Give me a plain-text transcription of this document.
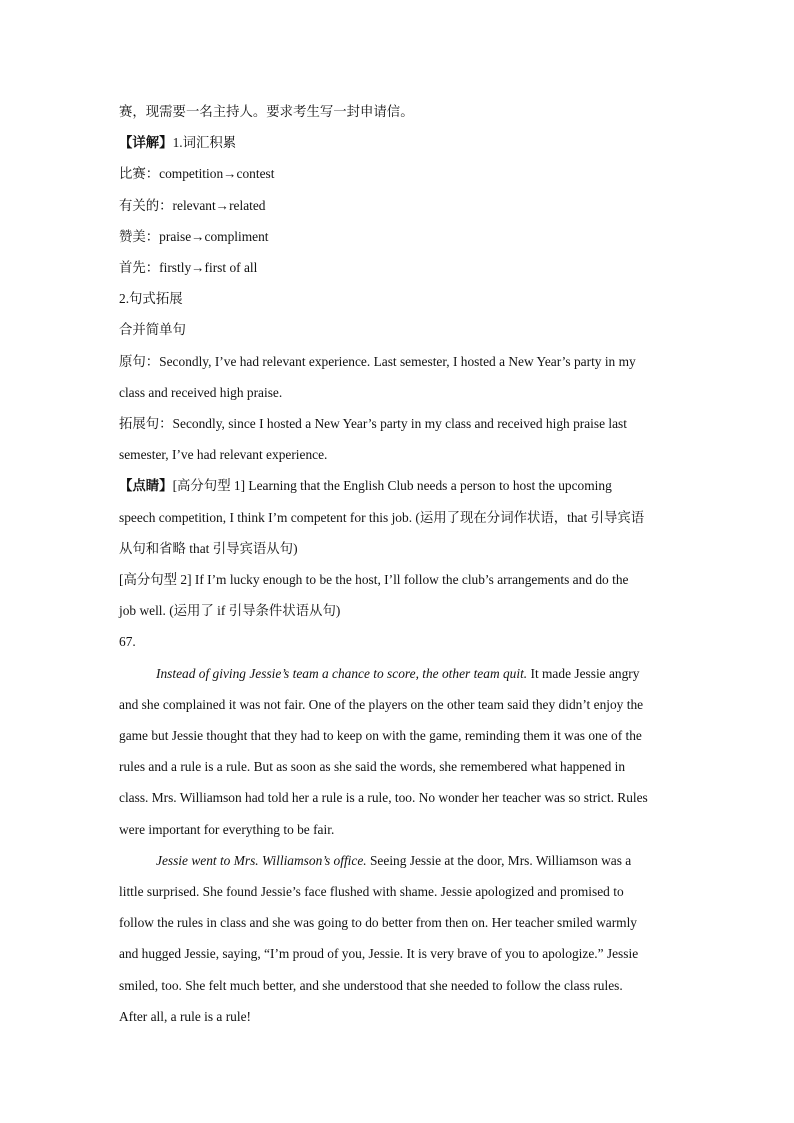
赛，现需要一名主持人。要求考生写一封申请信。
【详解】1.词汇积累
比赛：competition→contest
有关的：relevant→related
赞美：praise→compliment
首先：firstly→first of all
2.句式拓展
合并简单句
原句：Secondly, I’ve had relevant experience. Last semester, I hosted a New Year’s party in my
class and received high praise.
拓展句：Secondly, since I hosted a New Year’s party in my class and received high praise last
semester, I’ve had relevant experience.
【点睛】[高分句型 1] Learning that the English Club needs a person to host the upcoming
speech competition, I think I’m competent for this job. (运用了现在分词作状语，that 引导宾语
从句和省略 that 引导宾语从句)
[高分句型 2] If I’m lucky enough to be the host, I’ll follow the club’s arrangements and do the
job well. (运用了 if 引导条件状语从句)
67.
Instead of giving Jessie’s team a chance to score, the other team quit. It made Jessie angry
and she complained it was not fair. One of the players on the other team said they didn’t enjoy the
game but Jessie thought that they had to keep on with the game, reminding them it was one of the
rules and a rule is a rule. But as soon as she said the words, she remembered what happened in
class. Mrs. Williamson had told her a rule is a rule, too. No wonder her teacher was so strict. Rules
were important for everything to be fair.
Jessie went to Mrs. Williamson’s office. Seeing Jessie at the door, Mrs. Williamson was a
little surprised. She found Jessie’s face flushed with shame. Jessie apologized and promised to
follow the rules in class and she was going to do better from then on. Her teacher smiled warmly
and hugged Jessie, saying, “I’m proud of you, Jessie. It is very brave of you to apologize.” Jessie
smiled, too. She felt much better, and she understood that she needed to follow the class rules.
After all, a rule is a rule!
